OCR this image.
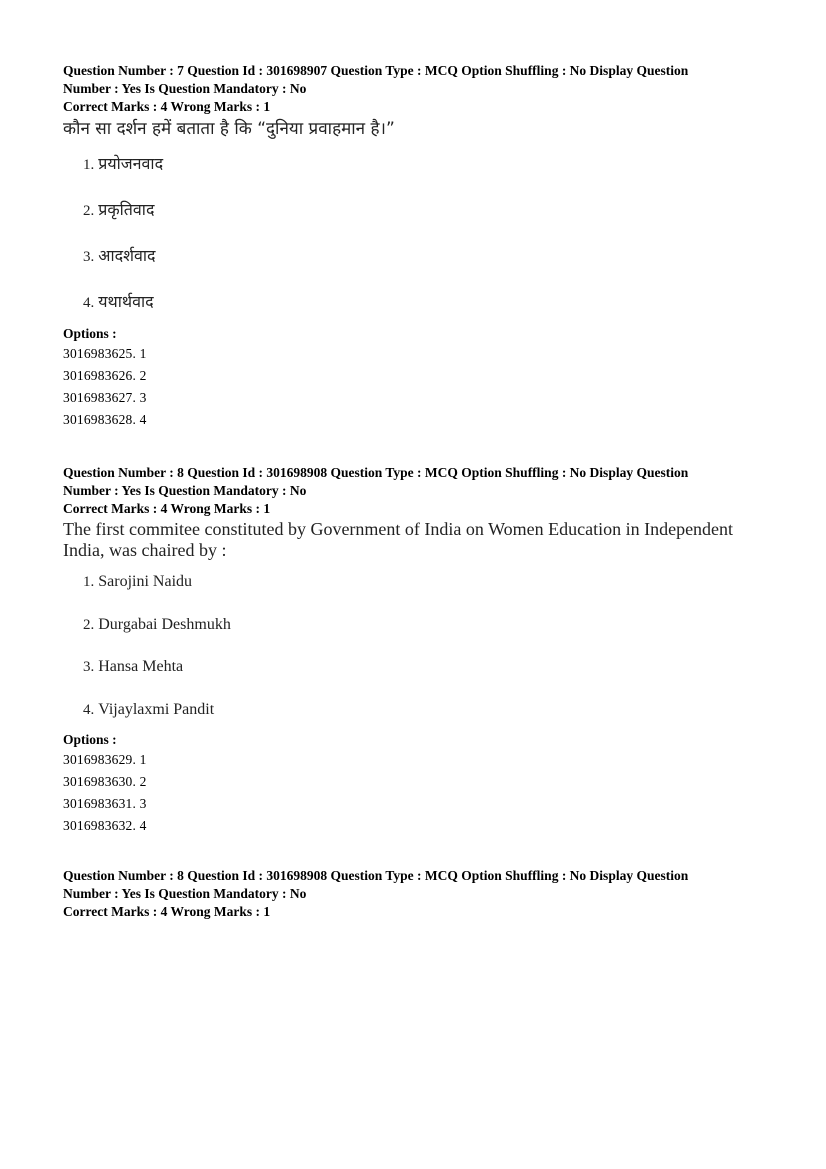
Question Number : 7 Question Id : 301698907 Question Type : MCQ Option Shuffling : No Display Question

Number : Yes Is Question Mandatory : No

Correct Marks : 4 Wrong Marks : 1

कौन सा दर्शन हमें बताता है कि “दुनिया प्रवाहमान है।”

1. प्रयोजनवाद
2. प्रकृतिवाद
3. आदर्शवाद
4. यथार्थवाद

Options :

3016983625. 1
3016983626. 2
3016983627. 3
3016983628. 4

Question Number : 8 Question Id : 301698908 Question Type : MCQ Option Shuffling : No Display Question

Number : Yes Is Question Mandatory : No

Correct Marks : 4 Wrong Marks : 1

The first commitee constituted by Government of India on Women Education in Independent

India, was chaired by :

1. Sarojini Naidu
2. Durgabai Deshmukh
3. Hansa Mehta
4. Vijaylaxmi Pandit

Options :

3016983629. 1
3016983630. 2
3016983631. 3
3016983632. 4

Question Number : 8 Question Id : 301698908 Question Type : MCQ Option Shuffling : No Display Question

Number : Yes Is Question Mandatory : No

Correct Marks : 4 Wrong Marks : 1
